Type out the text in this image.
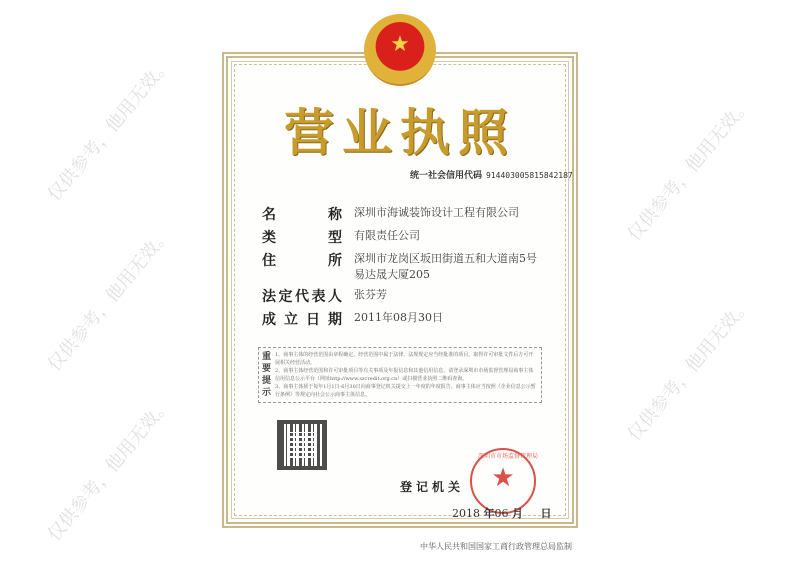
★
营业执照
统一社会信用代码 914403005815842187
名称 深圳市海诚装饰设计工程有限公司
类型 有限责任公司
住所 深圳市龙岗区坂田街道五和大道南5号易达晟大厦205
法定代表人 张芬芳
成立日期 2011年08月30日
重要提示
1、商事主体的经营范围由章程确定。经营范围中属于法律、法规规定应当经批准的项目，取得许可审批文件后方可开展相关经营活动。
2、商事主体经营范围和许可审批项目等有关事项及年报信息和其他信用信息，请登录深圳市市场监督管理局商事主体信用信息公示平台（网址http://www.szcredit.org.cn）或扫描营业执照二维码查询。
3、商事主体须于每年1月1日-6月30日向商事登记机关提交上一年度的年度报告。商事主体应当按照《企业信息公示暂行条例》等规定向社会公示商事主体信息。
登记机关
2018 年06 月 日
深圳市市场监督管理局
★
中华人民共和国国家工商行政管理总局监制
仅供参考，他用无效。
仅供参考，他用无效。
仅供参考，他用无效。
仅供参考，他用无效。
仅供参考，他用无效。
